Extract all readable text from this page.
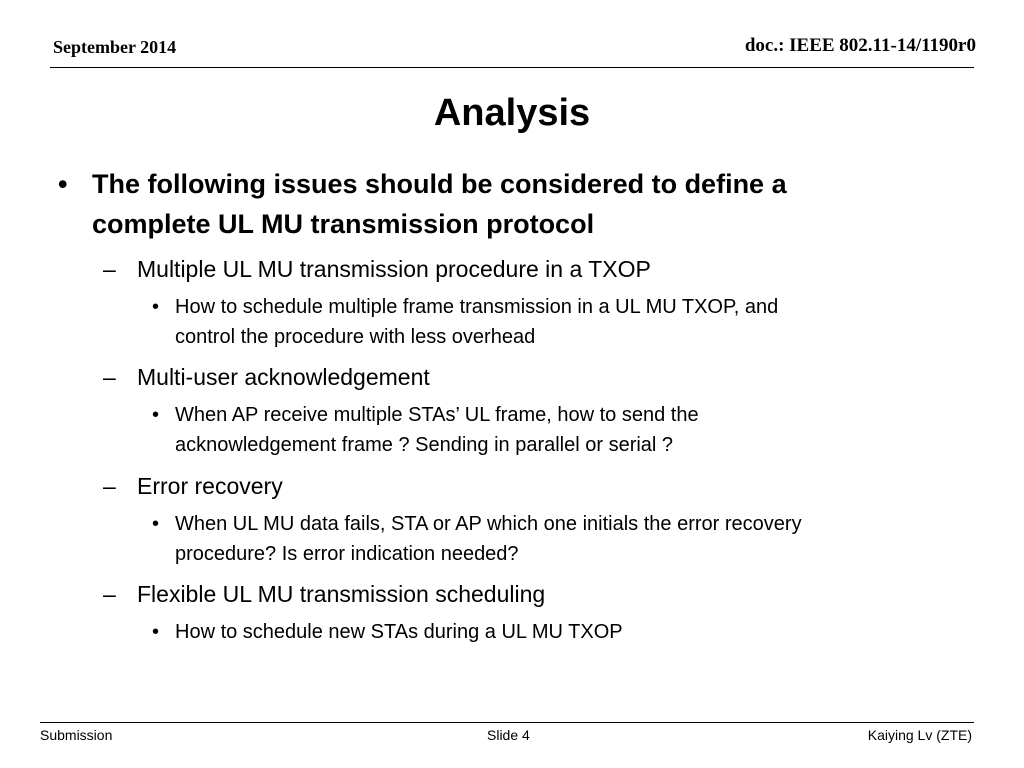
September 2014	doc.: IEEE 802.11-14/1190r0
Analysis
• The following issues should be considered to define a
complete UL MU transmission protocol
– Multiple UL MU transmission procedure in a TXOP
• How to schedule multiple frame transmission in a UL MU TXOP, and
control the procedure with less overhead
– Multi-user acknowledgement
• When AP receive multiple STAs’ UL frame, how to send the
acknowledgement frame ? Sending in parallel or serial ?
– Error recovery
• When UL MU data fails, STA or AP which one initials the error recovery
procedure? Is error indication needed?
– Flexible UL MU transmission scheduling
• How to schedule new STAs during a UL MU TXOP
Submission	Slide 4	Kaiying Lv (ZTE)
